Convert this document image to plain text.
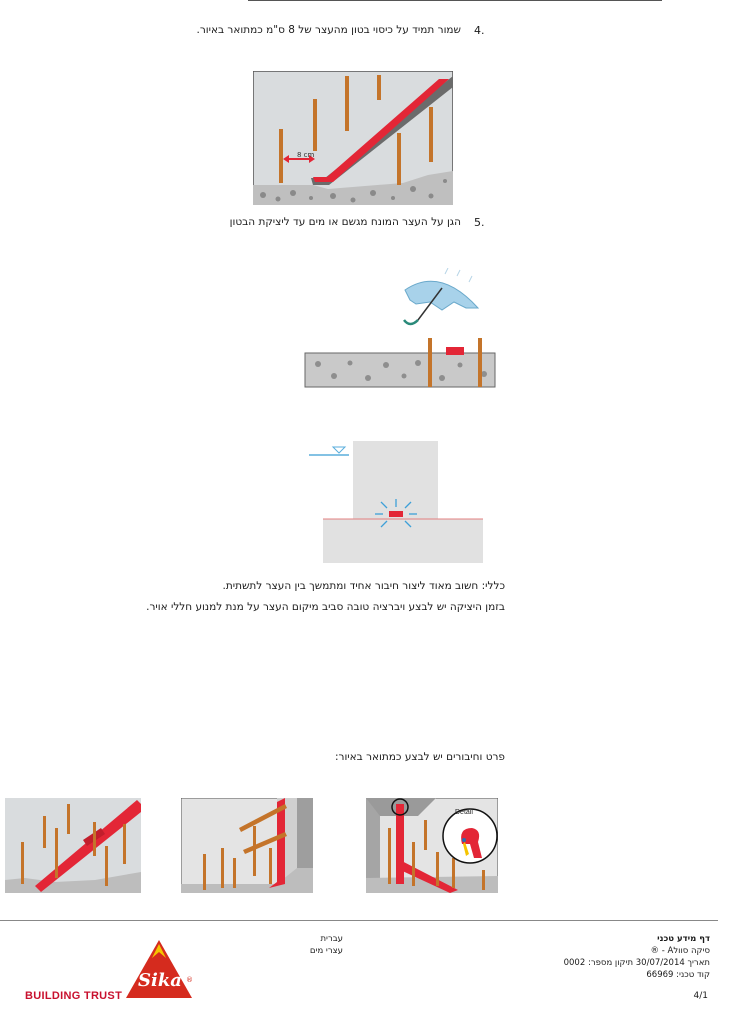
4.
שמור תמיד על כיסוי בטון מהעצר של 8 ס"מ כמתואר באיור.
8 cm
5.
הגן על העצר המונח מגשם או מים עד ליציקת הבטון
כללי: חשוב מאוד ליצור חיבור אחיד ומתמשך בין העצר לתשתית.
בזמן היציקה יש לבצע ויברציה טובה סביב מיקום העצר על מנת למנוע חללי אויר.
פרט וחיבורים יש לבצע כמתואר באיור:
Detail
דף מידע טכני
סיקה סוול® - A
תאריך 30/07/2014 תיקון מספר: 0002
קוד טכני: 66969
עברית
עצרי מים
4/1
Sika ®
BUILDING TRUST
